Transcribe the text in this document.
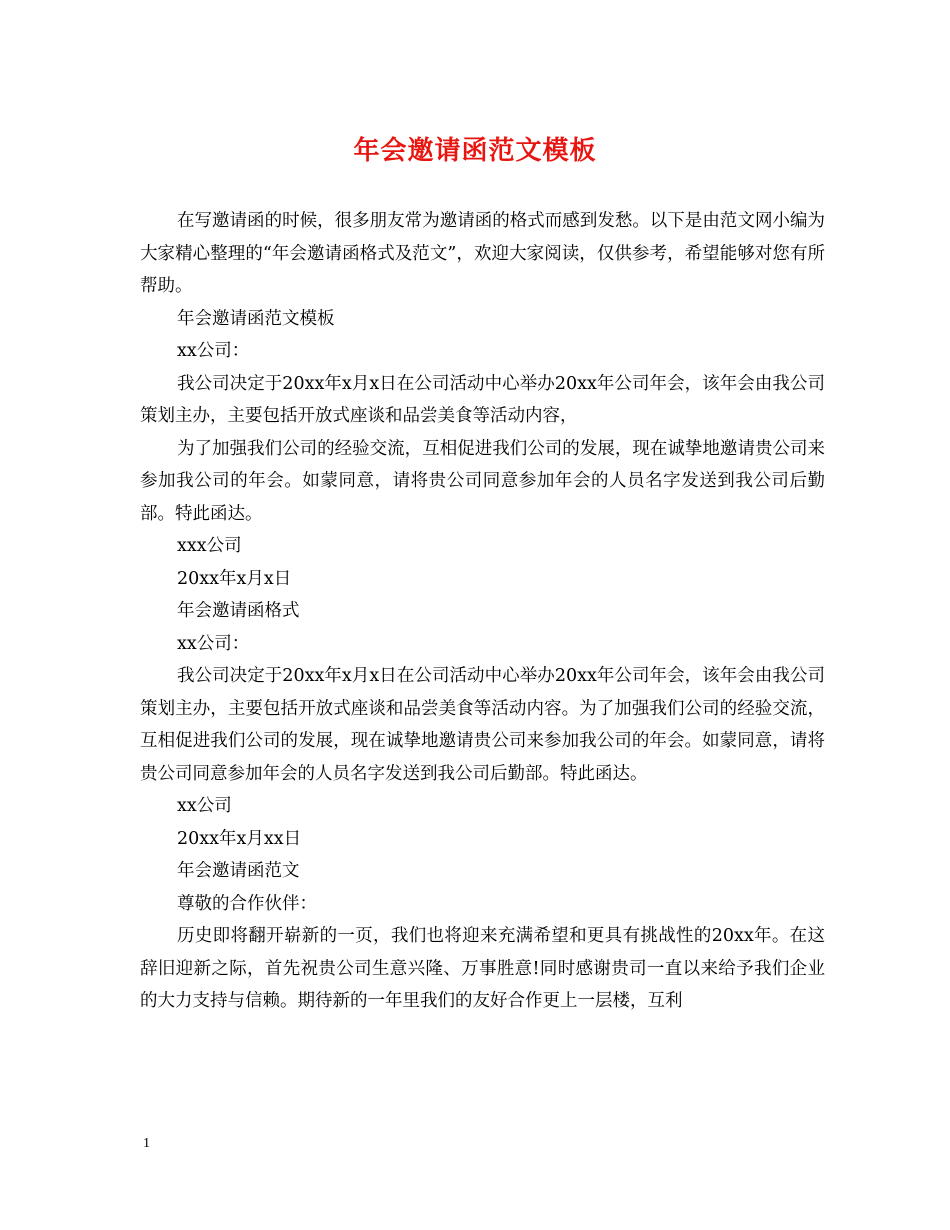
年会邀请函范文模板

在写邀请函的时候，很多朋友常为邀请函的格式而感到发愁。以下是由范文网小编为大家精心整理的“年会邀请函格式及范文”，欢迎大家阅读，仅供参考，希望能够对您有所帮助。

年会邀请函范文模板

xx公司：

我公司决定于20xx年x月x日在公司活动中心举办20xx年公司年会，该年会由我公司策划主办，主要包括开放式座谈和品尝美食等活动内容，

为了加强我们公司的经验交流，互相促进我们公司的发展，现在诚挚地邀请贵公司来参加我公司的年会。如蒙同意，请将贵公司同意参加年会的人员名字发送到我公司后勤部。特此函达。

xxx公司

20xx年x月x日

年会邀请函格式

xx公司：

我公司决定于20xx年x月x日在公司活动中心举办20xx年公司年会，该年会由我公司策划主办，主要包括开放式座谈和品尝美食等活动内容。为了加强我们公司的经验交流，互相促进我们公司的发展，现在诚挚地邀请贵公司来参加我公司的年会。如蒙同意，请将贵公司同意参加年会的人员名字发送到我公司后勤部。特此函达。

xx公司

20xx年x月xx日

年会邀请函范文

尊敬的合作伙伴：

历史即将翻开崭新的一页，我们也将迎来充满希望和更具有挑战性的20xx年。在这辞旧迎新之际，首先祝贵公司生意兴隆、万事胜意!同时感谢贵司一直以来给予我们企业的大力支持与信赖。期待新的一年里我们的友好合作更上一层楼，互利

1
